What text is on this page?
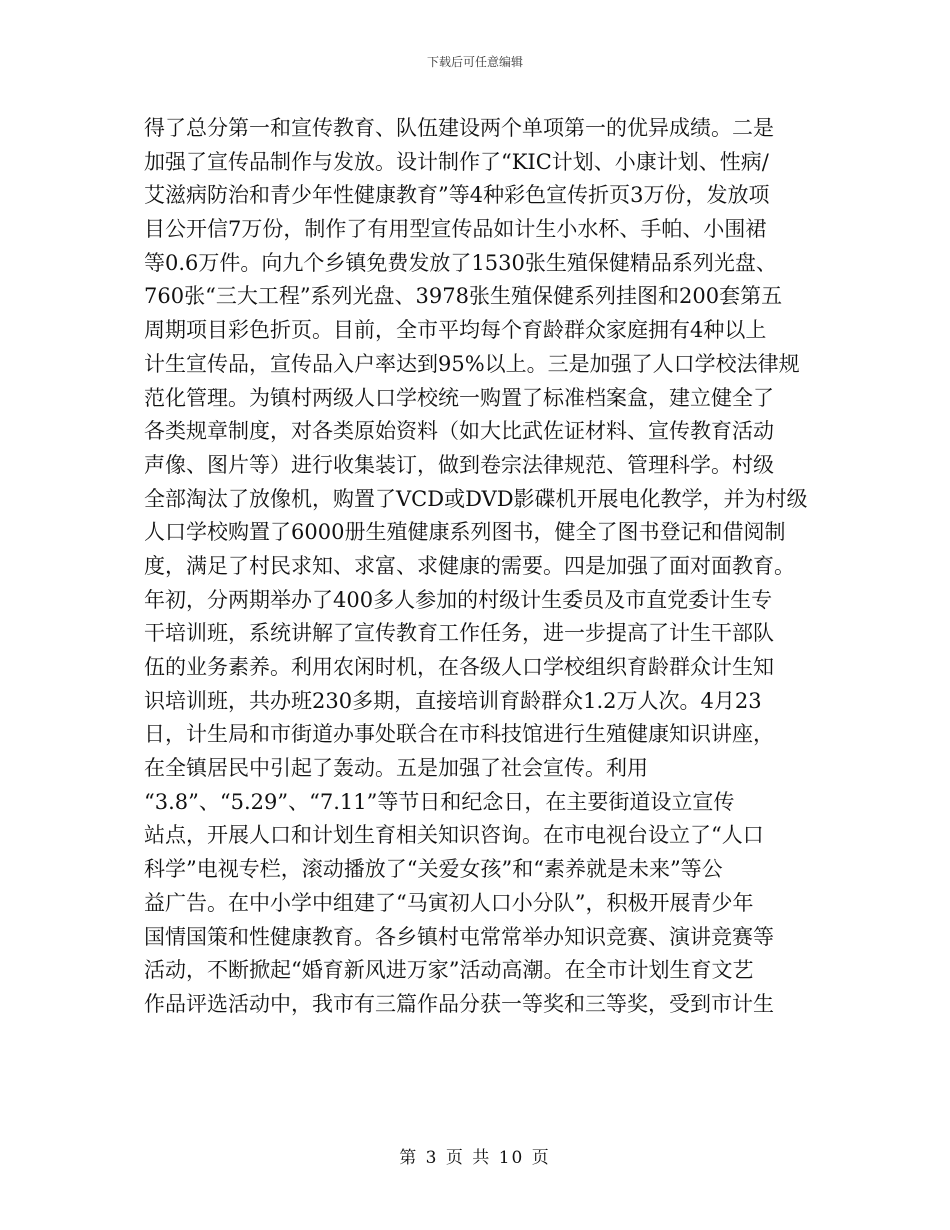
下载后可任意编辑
得了总分第一和宣传教育、队伍建设两个单项第一的优异成绩。二是
加强了宣传品制作与发放。设计制作了“KIC计划、小康计划、性病/
艾滋病防治和青少年性健康教育”等4种彩色宣传折页3万份，发放项
目公开信7万份，制作了有用型宣传品如计生小水杯、手帕、小围裙
等0.6万件。向九个乡镇免费发放了1530张生殖保健精品系列光盘、
760张“三大工程”系列光盘、3978张生殖保健系列挂图和200套第五
周期项目彩色折页。目前，全市平均每个育龄群众家庭拥有4种以上
计生宣传品，宣传品入户率达到95%以上。三是加强了人口学校法律规
范化管理。为镇村两级人口学校统一购置了标准档案盒，建立健全了
各类规章制度，对各类原始资料（如大比武佐证材料、宣传教育活动
声像、图片等）进行收集装订，做到卷宗法律规范、管理科学。村级
全部淘汰了放像机，购置了VCD或DVD影碟机开展电化教学，并为村级
人口学校购置了6000册生殖健康系列图书，健全了图书登记和借阅制
度，满足了村民求知、求富、求健康的需要。四是加强了面对面教育。
年初，分两期举办了400多人参加的村级计生委员及市直党委计生专
干培训班，系统讲解了宣传教育工作任务，进一步提高了计生干部队
伍的业务素养。利用农闲时机，在各级人口学校组织育龄群众计生知
识培训班，共办班230多期，直接培训育龄群众1.2万人次。4月23
日，计生局和市街道办事处联合在市科技馆进行生殖健康知识讲座，
在全镇居民中引起了轰动。五是加强了社会宣传。利用
“3.8”、“5.29”、“7.11”等节日和纪念日，在主要街道设立宣传
站点，开展人口和计划生育相关知识咨询。在市电视台设立了“人口
科学”电视专栏，滚动播放了“关爱女孩”和“素养就是未来”等公
益广告。在中小学中组建了“马寅初人口小分队”，积极开展青少年
国情国策和性健康教育。各乡镇村屯常常举办知识竞赛、演讲竞赛等
活动，不断掀起“婚育新风进万家”活动高潮。在全市计划生育文艺
作品评选活动中，我市有三篇作品分获一等奖和三等奖，受到市计生
第 3 页 共 10 页
